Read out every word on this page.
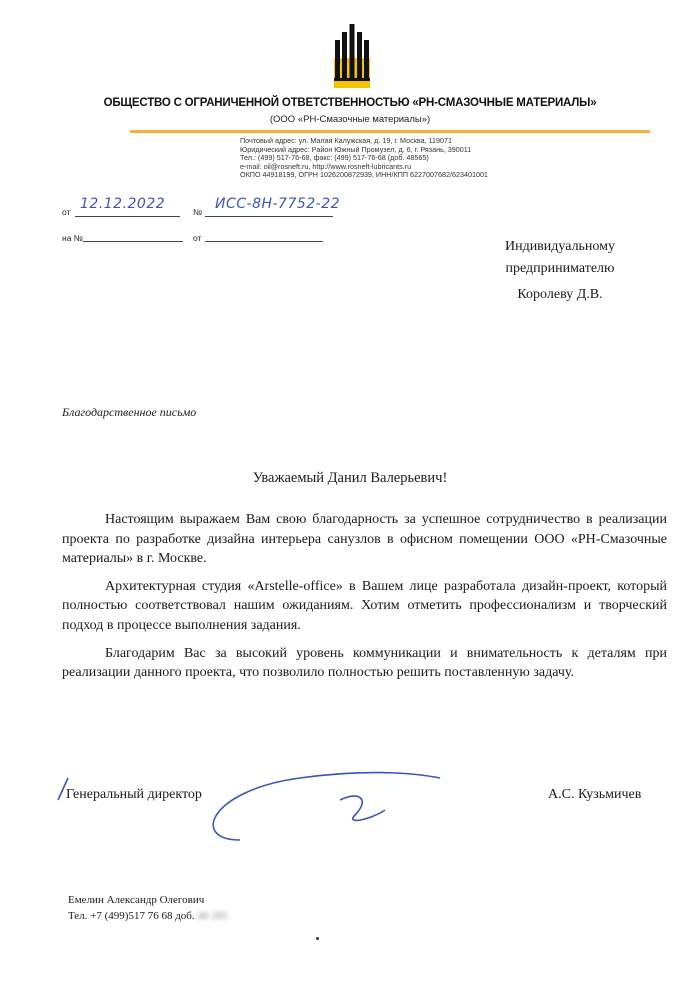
ОБЩЕСТВО С ОГРАНИЧЕННОЙ ОТВЕТСТВЕННОСТЬЮ «РН-СМАЗОЧНЫЕ МАТЕРИАЛЫ»
(ООО «РН-Смазочные материалы»)
Почтовый адрес: ул. Малая Калужская, д. 19, г. Москва, 119071
Юридический адрес: Район Южный Промузел, д. 6, г. Рязань, 390011
Тел.: (499) 517-76-68, факс: (499) 517-76-68 (доб. 48565)
e-mail: oil@rosneft.ru, http://www.rosneft-lubricants.ru
ОКПО 44918199, ОГРН 1026200872939, ИНН/КПП 6227007682/623401001
от 12.12.2022	№ ИСС-8Н-7752-22
на №	от
Индивидуальному
предпринимателю
Королеву Д.В.
Благодарственное письмо
Уважаемый Данил Валерьевич!

Настоящим выражаем Вам свою благодарность за успешное сотрудничество в реализации проекта по разработке дизайна интерьера санузлов в офисном помещении ООО «РН-Смазочные материалы» в г. Москве.

Архитектурная студия «Arstelle-office» в Вашем лице разработала дизайн-проект, который полностью соответствовал нашим ожиданиям. Хотим отметить профессионализм и творческий подход в процессе выполнения задания.

Благодарим Вас за высокий уровень коммуникации и внимательность к деталям при реализации данного проекта, что позволило полностью решить поставленную задачу.

Генеральный директор	А.С. Кузьмичев
Емелин Александр Олегович
Тел. +7 (499)517 76 68 доб. 48 285
